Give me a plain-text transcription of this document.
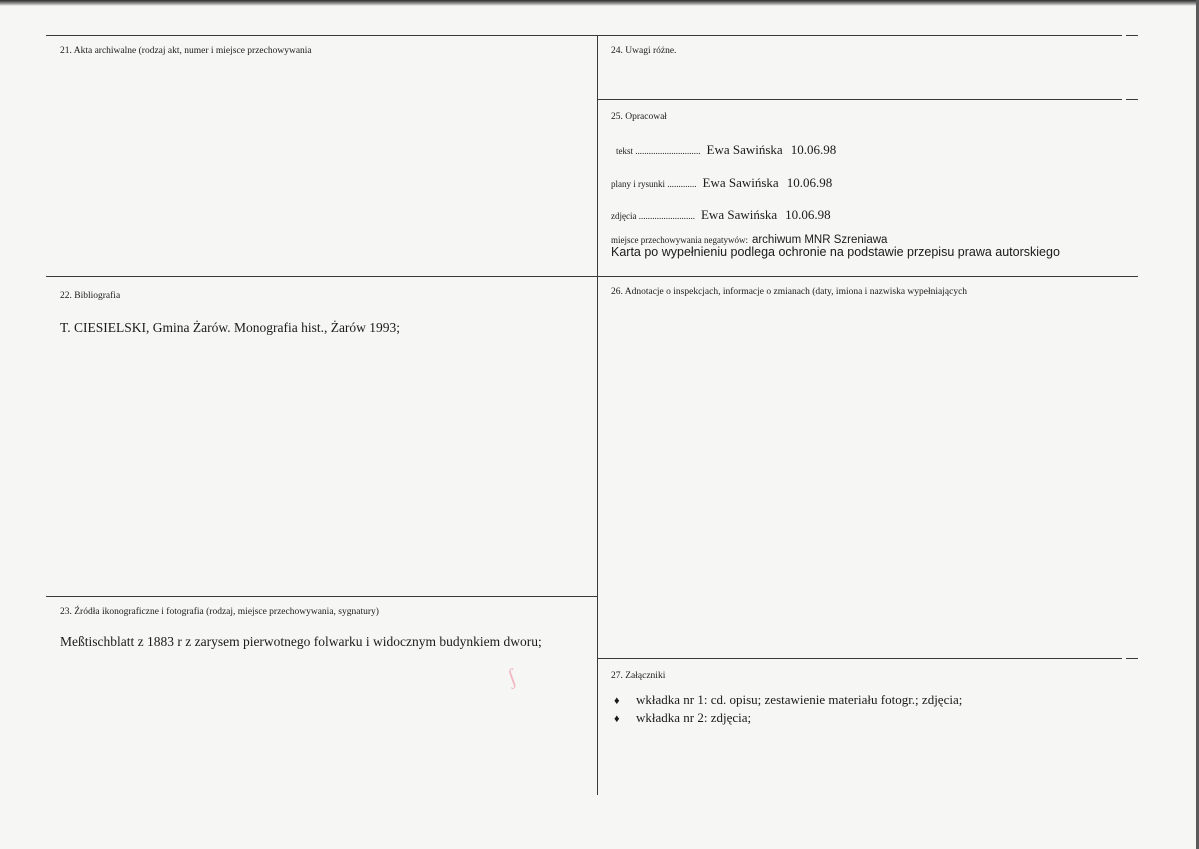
21. Akta archiwalne (rodzaj akt, numer i miejsce przechowywania	24. Uwagi różne.
25. Opracował
tekst ............................. Ewa Sawińska 10.06.98
plany i rysunki ............. Ewa Sawińska 10.06.98
zdjęcia ......................... Ewa Sawińska 10.06.98
miejsce przechowywania negatywów: archiwum MNR Szreniawa
Karta po wypełnieniu podlega ochronie na podstawie przepisu prawa autorskiego
22. Bibliografia
T. CIESIELSKI, Gmina Żarów. Monografia hist., Żarów 1993;
26. Adnotacje o inspekcjach, informacje o zmianach (daty, imiona i nazwiska wypełniających
23. Źródła ikonograficzne i fotografia (rodzaj, miejsce przechowywania, sygnatury)
Meßtischblatt z 1883 r z zarysem pierwotnego folwarku i widocznym budynkiem dworu;
27. Załączniki
♦ wkładka nr 1: cd. opisu; zestawienie materiału fotogr.; zdjęcia;
♦ wkładka nr 2: zdjęcia;
ʃ
